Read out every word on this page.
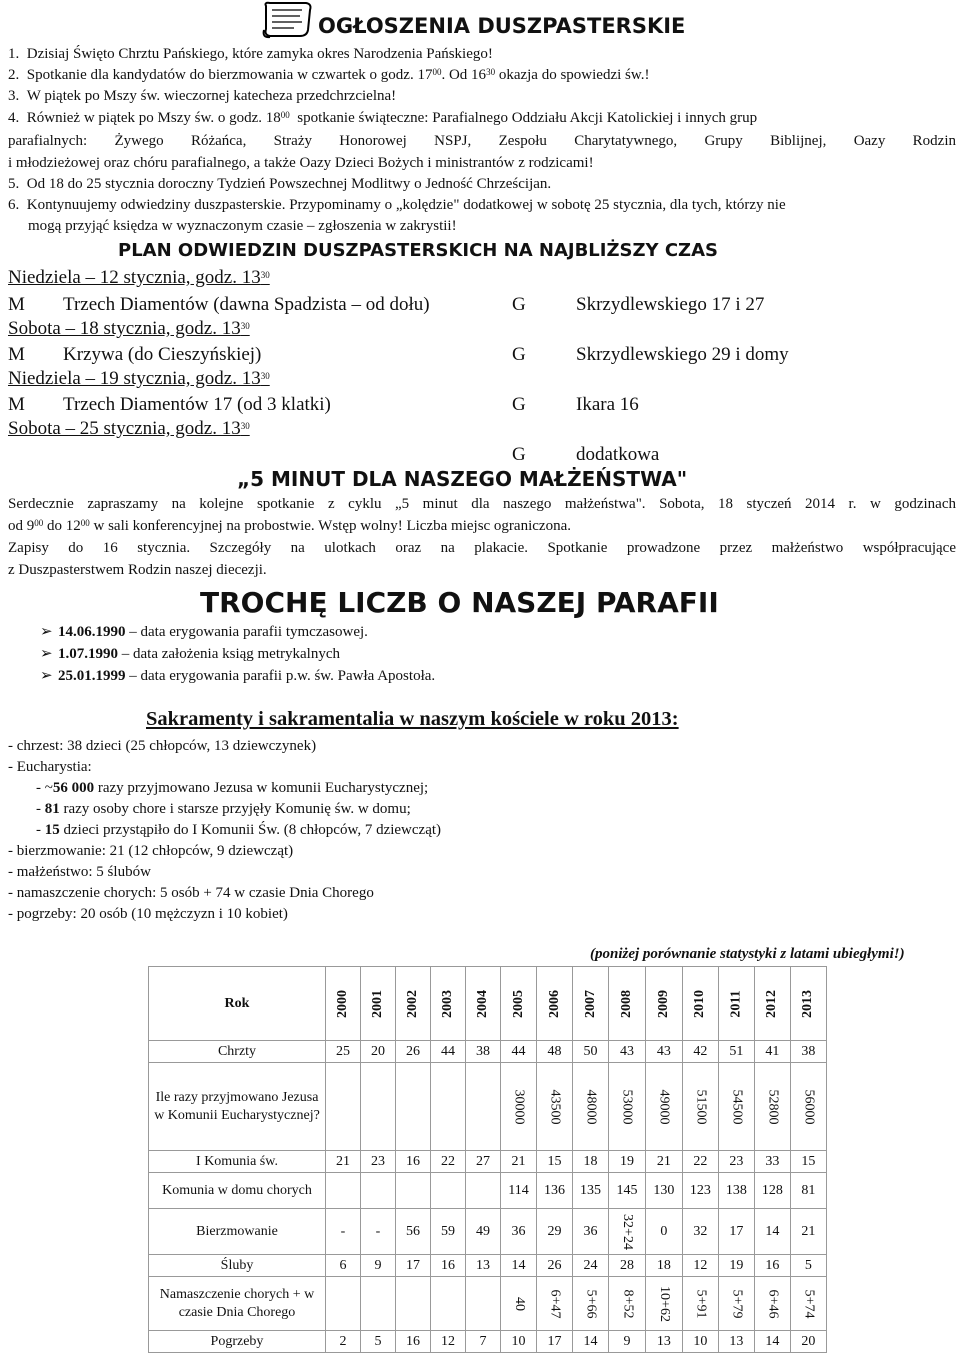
OGŁOSZENIA DUSZPASTERSKIE
1. Dzisiaj Święto Chrztu Pańskiego, które zamyka okres Narodzenia Pańskiego!
2. Spotkanie dla kandydatów do bierzmowania w czwartek o godz. $17^{00}$. Od $16^{30}$ okazja do spowiedzi św.!
3. W piątek po Mszy św. wieczornej katecheza przedchrzcielna!
4. Również w piątek po Mszy św. o godz. $18^{00}$ spotkanie świąteczne: Parafialnego Oddziału Akcji Katolickiej i innych grup
parafialnych: Żywego Różańca, Straży Honorowej NSPJ, Zespołu Charytatywnego, Grupy Biblijnej, Oazy Rodzin
i młodzieżowej oraz chóru parafialnego, a także Oazy Dzieci Bożych i ministrantów z rodzicami!
5. Od 18 do 25 stycznia doroczny Tydzień Powszechnej Modlitwy o Jedność Chrześcijan.
6. Kontynuujemy odwiedziny duszpasterskie. Przypominamy o „kolędzie" dodatkowej w sobotę 25 stycznia, dla tych, którzy nie
mogą przyjąć księdza w wyznaczonym czasie – zgłoszenia w zakrystii!
PLAN ODWIEDZIN DUSZPASTERSKICH NA NAJBLIŻSZY CZAS
Niedziela – 12 stycznia, godz. $13^{30}$
M Trzech Diamentów (dawna Spadzista – od dołu)	G	Skrzydlewskiego 17 i 27
Sobota – 18 stycznia, godz. $13^{30}$
M Krzywa (do Cieszyńskiej)	G	Skrzydlewskiego 29 i domy
Niedziela – 19 stycznia, godz. $13^{30}$
M Trzech Diamentów 17 (od 3 klatki)	G	Ikara 16
Sobota – 25 stycznia, godz. $13^{30}$
G	dodatkowa
„5 MINUT DLA NASZEGO MAŁŻEŃSTWA"
Serdecznie zapraszamy na kolejne spotkanie z cyklu „5 minut dla naszego małżeństwa". Sobota, 18 styczeń 2014 r. w godzinach
od $9^{00}$ do $12^{00}$ w sali konferencyjnej na probostwie. Wstęp wolny! Liczba miejsc ograniczona.
Zapisy do 16 stycznia. Szczegóły na ulotkach oraz na plakacie. Spotkanie prowadzone przez małżeństwo współpracujące
z Duszpasterstwem Rodzin naszej diecezji.
TROCHĘ LICZB O NASZEJ PARAFII
➢ 14.06.1990 – data erygowania parafii tymczasowej.
➢ 1.07.1990 – data założenia ksiąg metrykalnych
➢ 25.01.1999 – data erygowania parafii p.w. św. Pawła Apostoła.
Sakramenty i sakramentalia w naszym kościele w roku 2013:
- chrzest: 38 dzieci (25 chłopców, 13 dziewczynek)
- Eucharystia:
- ~56 000 razy przyjmowano Jezusa w komunii Eucharystycznej;
- 81 razy osoby chore i starsze przyjęły Komunię św. w domu;
- 15 dzieci przystąpiło do I Komunii Św. (8 chłopców, 7 dziewcząt)
- bierzmowanie: 21 (12 chłopców, 9 dziewcząt)
- małżeństwo: 5 ślubów
- namaszczenie chorych: 5 osób + 74 w czasie Dnia Chorego
- pogrzeby: 20 osób (10 mężczyzn i 10 kobiet)
(poniżej porównanie statystyki z latami ubiegłymi!)
Rok	2000	2001	2002	2003	2004	2005	2006	2007	2008	2009	2010	2011	2012	2013
Chrzty	25	20	26	44	38	44	48	50	43	43	42	51	41	38
Ile razy przyjmowano Jezusa w Komunii Eucharystycznej?						30000	43500	48000	53000	49000	51500	54500	52800	56000
I Komunia św.	21	23	16	22	27	21	15	18	19	21	22	23	33	15
Komunia w domu chorych						114	136	135	145	130	123	138	128	81
Bierzmowanie	-	-	56	59	49	36	29	36	32+24	0	32	17	14	21
Śluby	6	9	17	16	13	14	26	24	28	18	12	19	16	5
Namaszczenie chorych + w czasie Dnia Chorego						40	6+47	5+66	8+52	10+62	5+91	5+79	6+46	5+74
Pogrzeby	2	5	16	12	7	10	17	14	9	13	10	13	14	20
